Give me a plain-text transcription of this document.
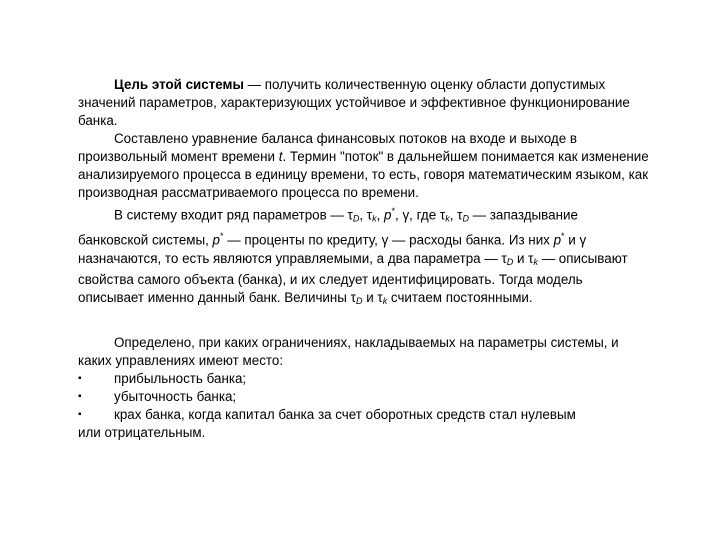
Цель этой системы — получить количественную оценку области допустимых значений параметров, характеризующих устойчивое и эффективное функционирование банка.

Составлено уравнение баланса финансовых потоков на входе и выходе в произвольный момент времени t. Термин "поток" в дальнейшем понимается как изменение анализируемого процесса в единицу времени, то есть, говоря математическим языком, как производная рассматриваемого процесса по времени.

В систему входит ряд параметров — $\tau_D$, $\tau_k$, p*, γ, где $\tau_k$, $\tau_D$ — запаздывание банковской системы, p* — проценты по кредиту, γ — расходы банка. Из них p* и γ назначаются, то есть являются управляемыми, а два параметра — $\tau_D$ и $\tau_k$ — описывают свойства самого объекта (банка), и их следует идентифицировать. Тогда модель описывает именно данный банк. Величины $\tau_D$ и $\tau_k$ считаем постоянными.

Определено, при каких ограничениях, накладываемых на параметры системы, и каких управлениях имеют место:

▪	прибыльность банка;
▪	убыточность банка;
▪	крах банка, когда капитал банка за счет оборотных средств стал нулевым

или отрицательным.
